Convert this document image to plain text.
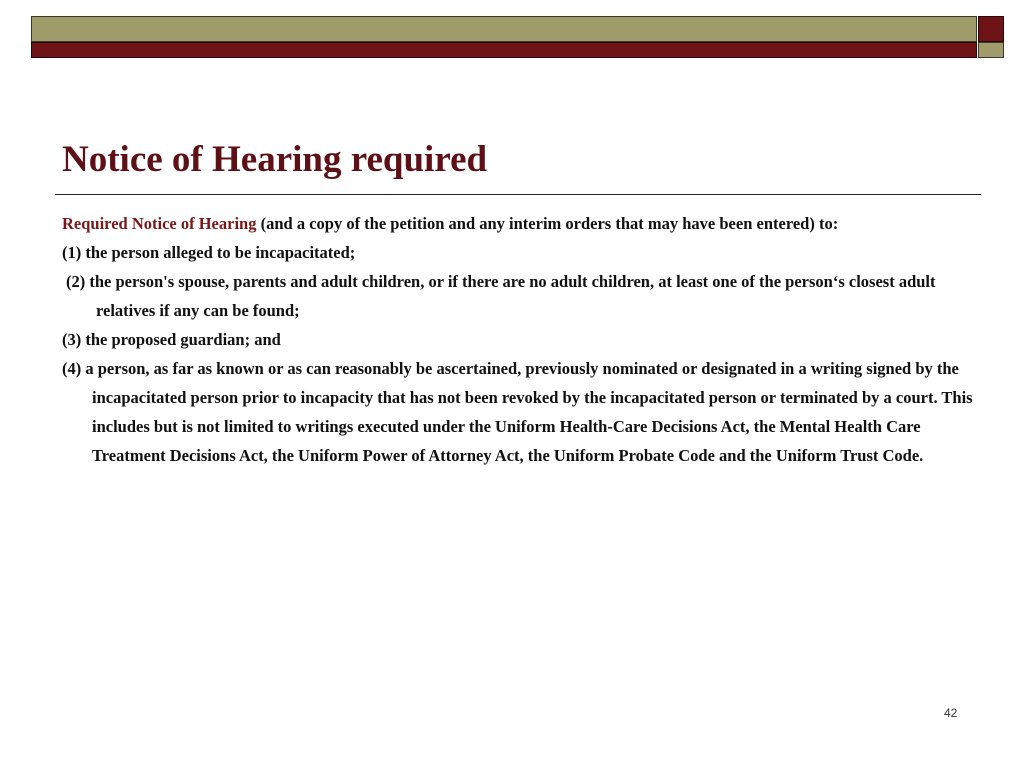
Notice of Hearing required

Required Notice of Hearing (and a copy of the petition and any interim orders that may have been entered) to:

(1) the person alleged to be incapacitated;

(2) the person's spouse, parents and adult children, or if there are no adult children, at least one of the person‘s closest adult relatives if any can be found;

(3) the proposed guardian; and

(4) a person, as far as known or as can reasonably be ascertained, previously nominated or designated in a writing signed by the incapacitated person prior to incapacity that has not been revoked by the incapacitated person or terminated by a court. This includes but is not limited to writings executed under the Uniform Health-Care Decisions Act, the Mental Health Care Treatment Decisions Act, the Uniform Power of Attorney Act, the Uniform Probate Code and the Uniform Trust Code.

42
